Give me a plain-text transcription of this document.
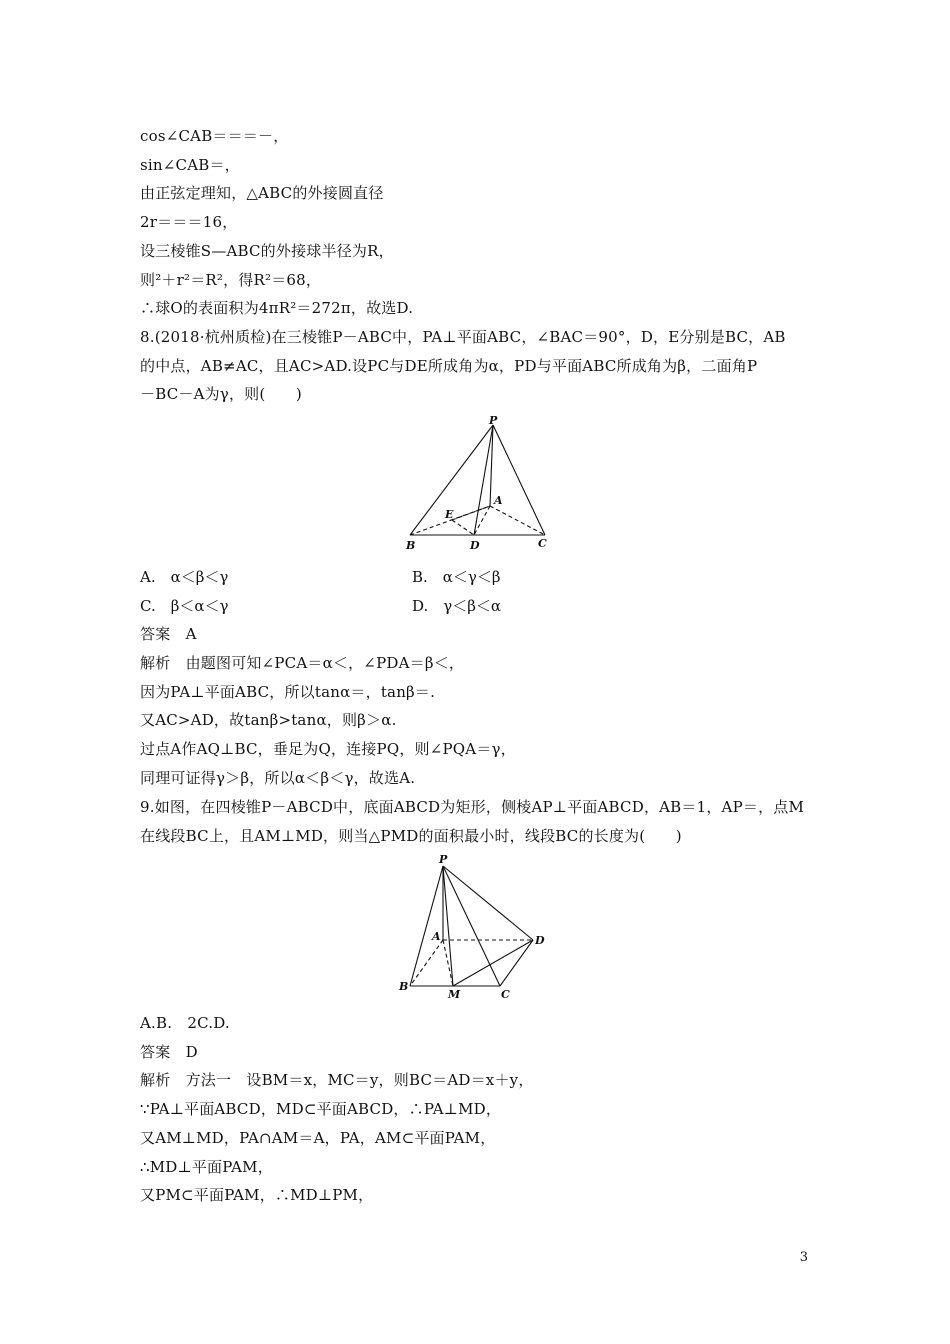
cos∠CAB＝＝＝－，
sin∠CAB＝，
由正弦定理知，△ABC的外接圆直径
2r＝＝＝16，
设三棱锥S—ABC的外接球半径为R，
则²＋r²＝R²，得R²＝68，
∴球O的表面积为4πR²＝272π，故选D.
8.(2018·杭州质检)在三棱锥P－ABC中，PA⊥平面ABC，∠BAC＝90°，D，E分别是BC，AB
的中点，AB≠AC，且AC>AD.设PC与DE所成角为α，PD与平面ABC所成角为β，二面角P
－BC－A为γ，则(　　)
P
A
E
B	D	C
A.　α＜β＜γ	B.　α＜γ＜β
C.　β＜α＜γ	D.　γ＜β＜α
答案　A
解析　由题图可知∠PCA＝α＜，∠PDA＝β＜，
因为PA⊥平面ABC，所以tanα＝，tanβ＝.
又AC>AD，故tanβ>tanα，则β＞α.
过点A作AQ⊥BC，垂足为Q，连接PQ，则∠PQA＝γ，
同理可证得γ＞β，所以α＜β＜γ，故选A.
9.如图，在四棱锥P－ABCD中，底面ABCD为矩形，侧棱AP⊥平面ABCD，AB＝1，AP＝，点M
在线段BC上，且AM⊥MD，则当△PMD的面积最小时，线段BC的长度为(　　)
P
A	D
B
M	C
A.B.　2C.D.
答案　D
解析　方法一　设BM＝x，MC＝y，则BC＝AD＝x＋y，
∵PA⊥平面ABCD，MD⊂平面ABCD，∴PA⊥MD，
又AM⊥MD，PA∩AM＝A，PA，AM⊂平面PAM，
∴MD⊥平面PAM，
又PM⊂平面PAM，∴MD⊥PM，
3
